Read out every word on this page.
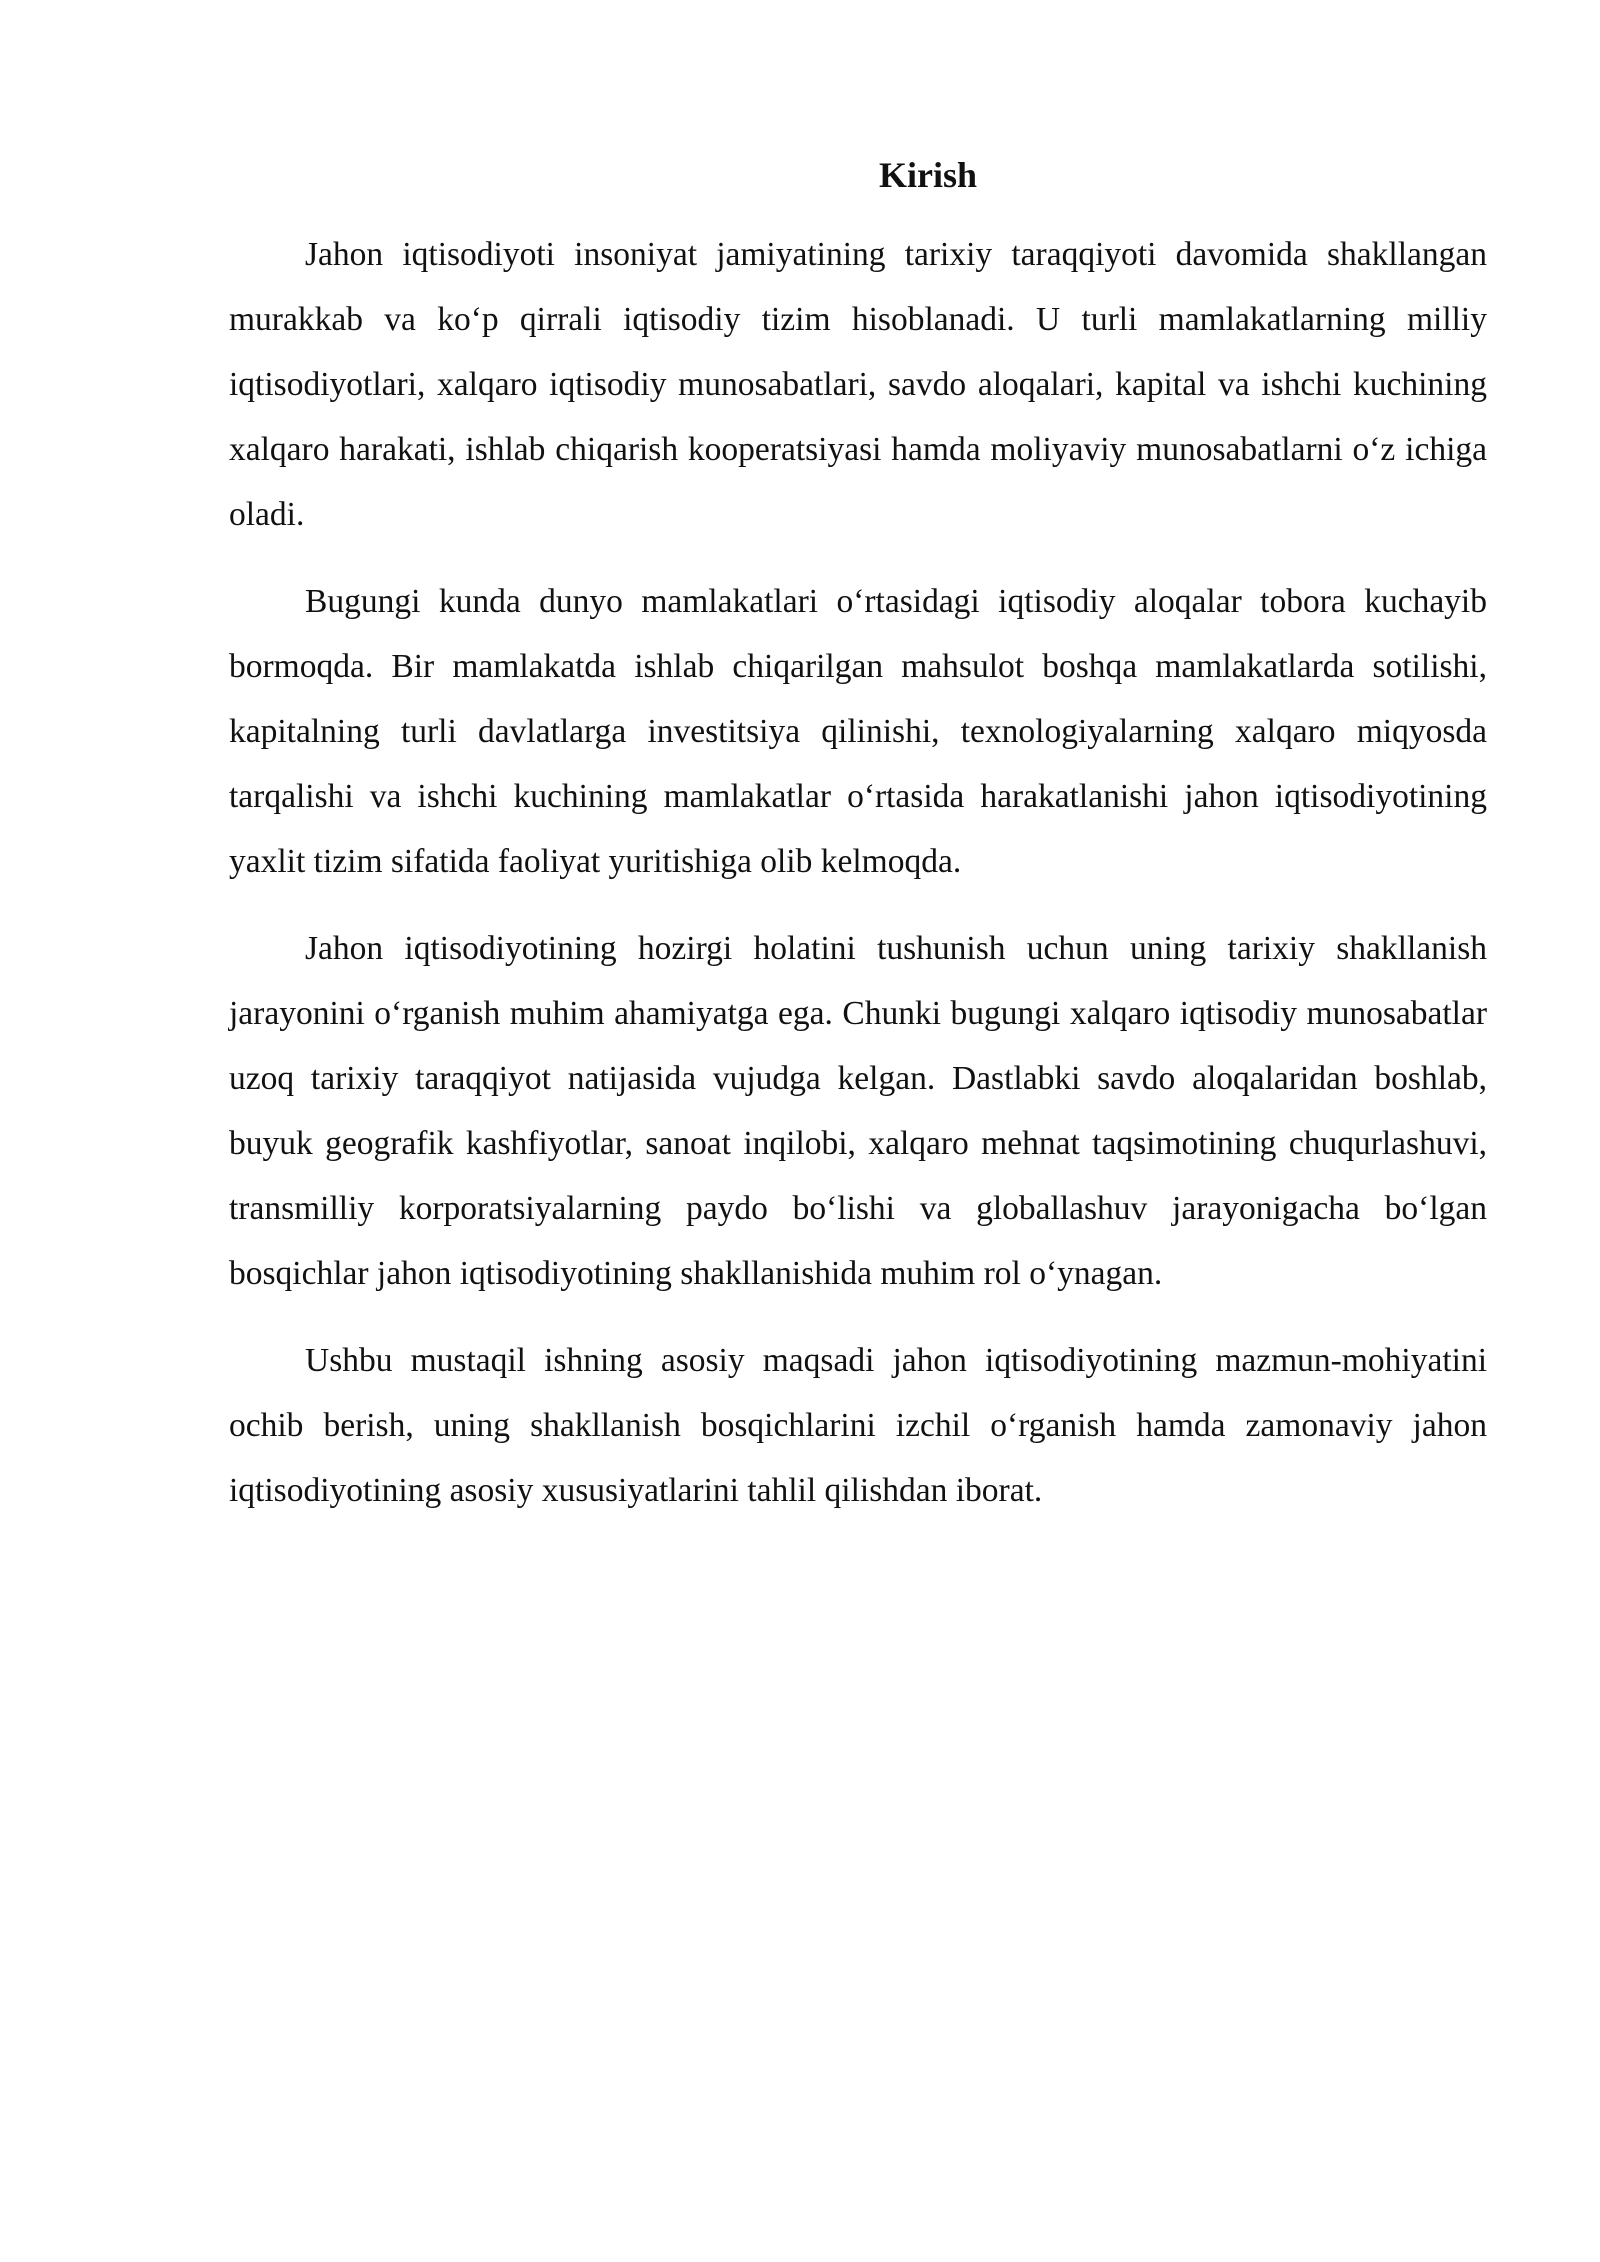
Kirish

Jahon iqtisodiyoti insoniyat jamiyatining tarixiy taraqqiyoti davomida shakllangan murakkab va ko‘p qirrali iqtisodiy tizim hisoblanadi. U turli mamlakatlarning milliy iqtisodiyotlari, xalqaro iqtisodiy munosabatlari, savdo aloqalari, kapital va ishchi kuchining xalqaro harakati, ishlab chiqarish kooperatsiyasi hamda moliyaviy munosabatlarni o‘z ichiga oladi.

Bugungi kunda dunyo mamlakatlari o‘rtasidagi iqtisodiy aloqalar tobora kuchayib bormoqda. Bir mamlakatda ishlab chiqarilgan mahsulot boshqa mamlakatlarda sotilishi, kapitalning turli davlatlarga investitsiya qilinishi, texnologiyalarning xalqaro miqyosda tarqalishi va ishchi kuchining mamlakatlar o‘rtasida harakatlanishi jahon iqtisodiyotining yaxlit tizim sifatida faoliyat yuritishiga olib kelmoqda.

Jahon iqtisodiyotining hozirgi holatini tushunish uchun uning tarixiy shakllanish jarayonini o‘rganish muhim ahamiyatga ega. Chunki bugungi xalqaro iqtisodiy munosabatlar uzoq tarixiy taraqqiyot natijasida vujudga kelgan. Dastlabki savdo aloqalaridan boshlab, buyuk geografik kashfiyotlar, sanoat inqilobi, xalqaro mehnat taqsimotining chuqurlashuvi, transmilliy korporatsiyalarning paydo bo‘lishi va globallashuv jarayonigacha bo‘lgan bosqichlar jahon iqtisodiyotining shakllanishida muhim rol o‘ynagan.

Ushbu mustaqil ishning asosiy maqsadi jahon iqtisodiyotining mazmun-mohiyatini ochib berish, uning shakllanish bosqichlarini izchil o‘rganish hamda zamonaviy jahon iqtisodiyotining asosiy xususiyatlarini tahlil qilishdan iborat.
